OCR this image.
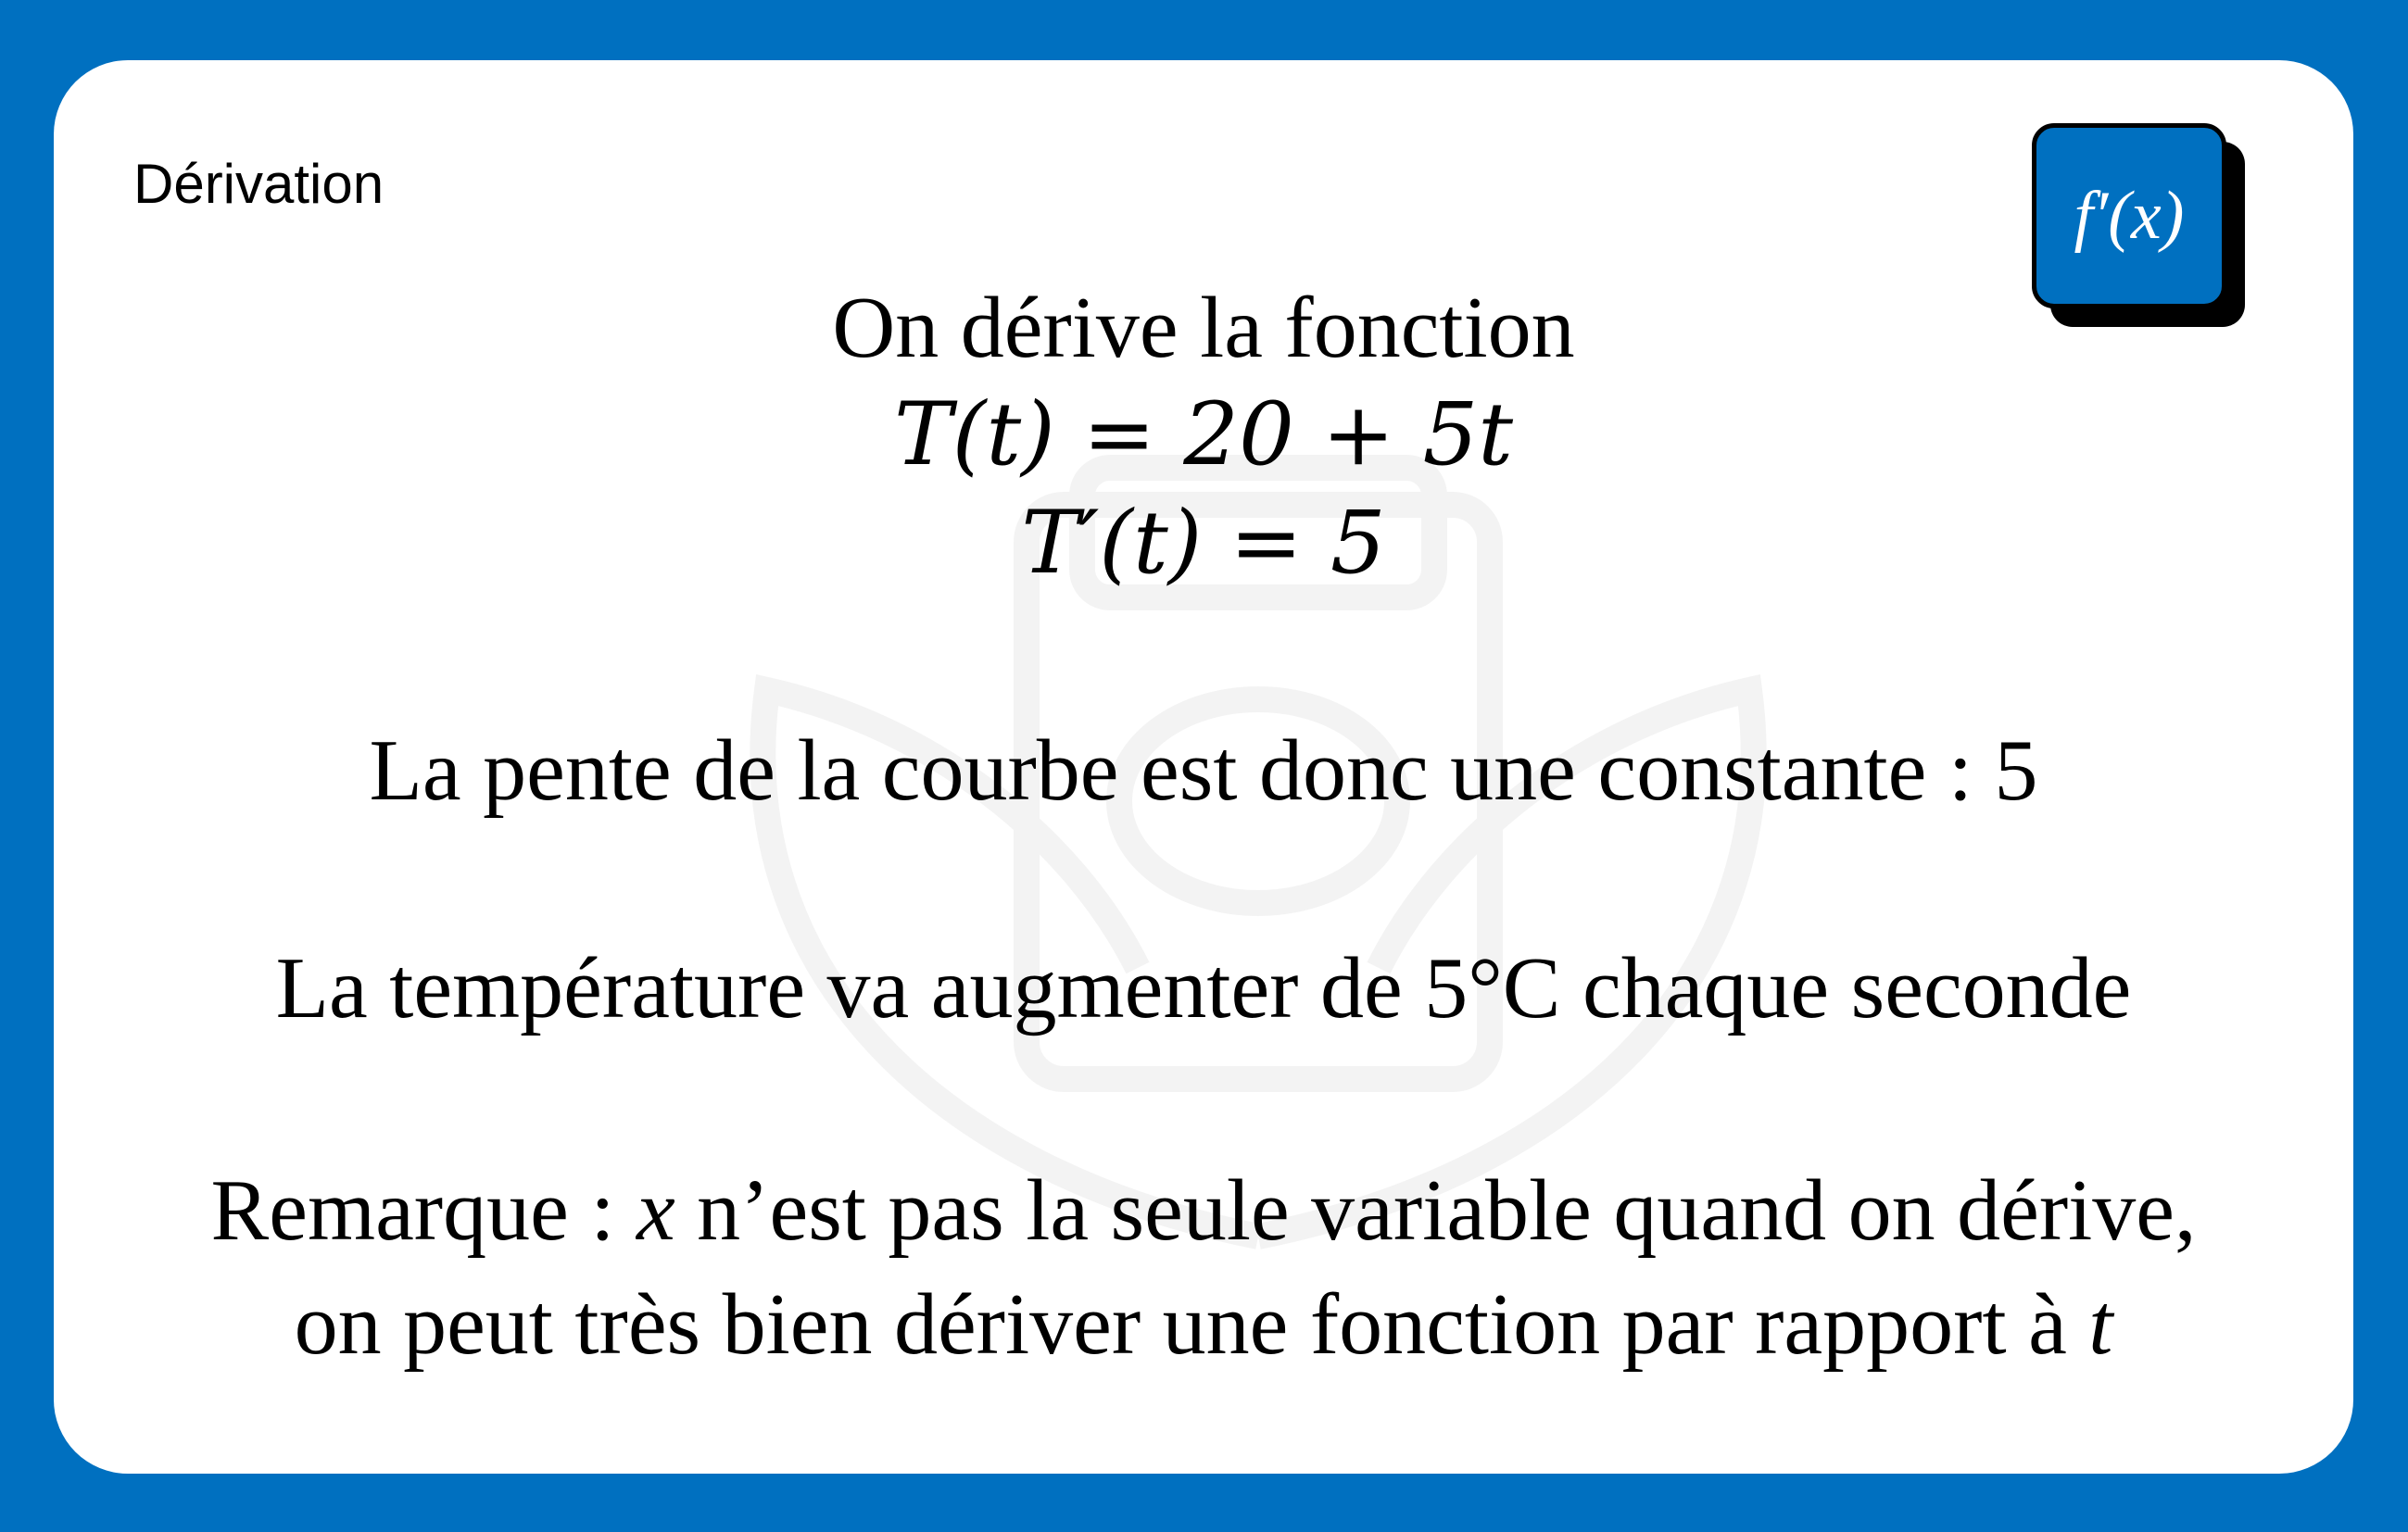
Dérivation	f′(x)

On dérive la fonction

T(t) = 20 + 5t

T′(t) = 5

La pente de la courbe est donc une constante : 5

La température va augmenter de 5°C chaque seconde

Remarque : x n’est pas la seule variable quand on dérive,

on peut très bien dériver une fonction par rapport à t
